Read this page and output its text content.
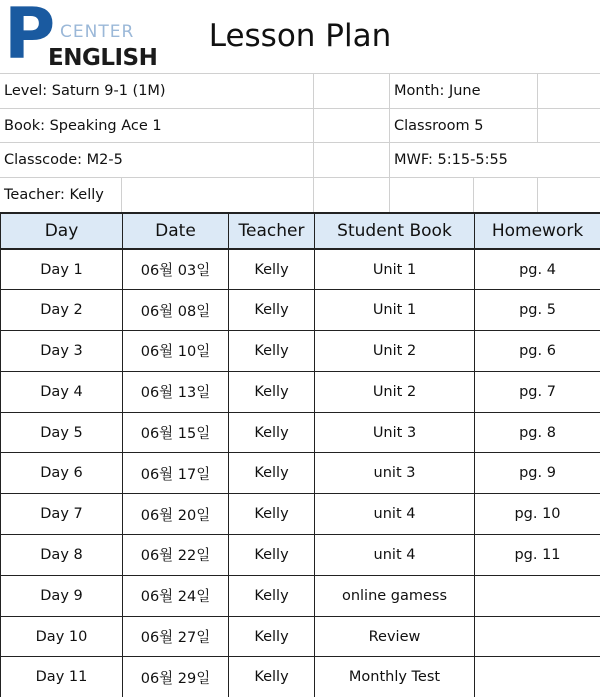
P CENTER
ENGLISH
Lesson Plan
Level: Saturn 9-1 (1M)	Month: June
Book: Speaking Ace 1	Classroom 5
Classcode: M2-5	MWF: 5:15-5:55
Teacher: Kelly
Day	Date	Teacher	Student Book	Homework
Day 1	06월 03일	Kelly	Unit 1	pg. 4
Day 2	06월 08일	Kelly	Unit 1	pg. 5
Day 3	06월 10일	Kelly	Unit 2	pg. 6
Day 4	06월 13일	Kelly	Unit 2	pg. 7
Day 5	06월 15일	Kelly	Unit 3	pg. 8
Day 6	06월 17일	Kelly	unit 3	pg. 9
Day 7	06월 20일	Kelly	unit 4	pg. 10
Day 8	06월 22일	Kelly	unit 4	pg. 11
Day 9	06월 24일	Kelly	online gamess	
Day 10	06월 27일	Kelly	Review	
Day 11	06월 29일	Kelly	Monthly Test	
